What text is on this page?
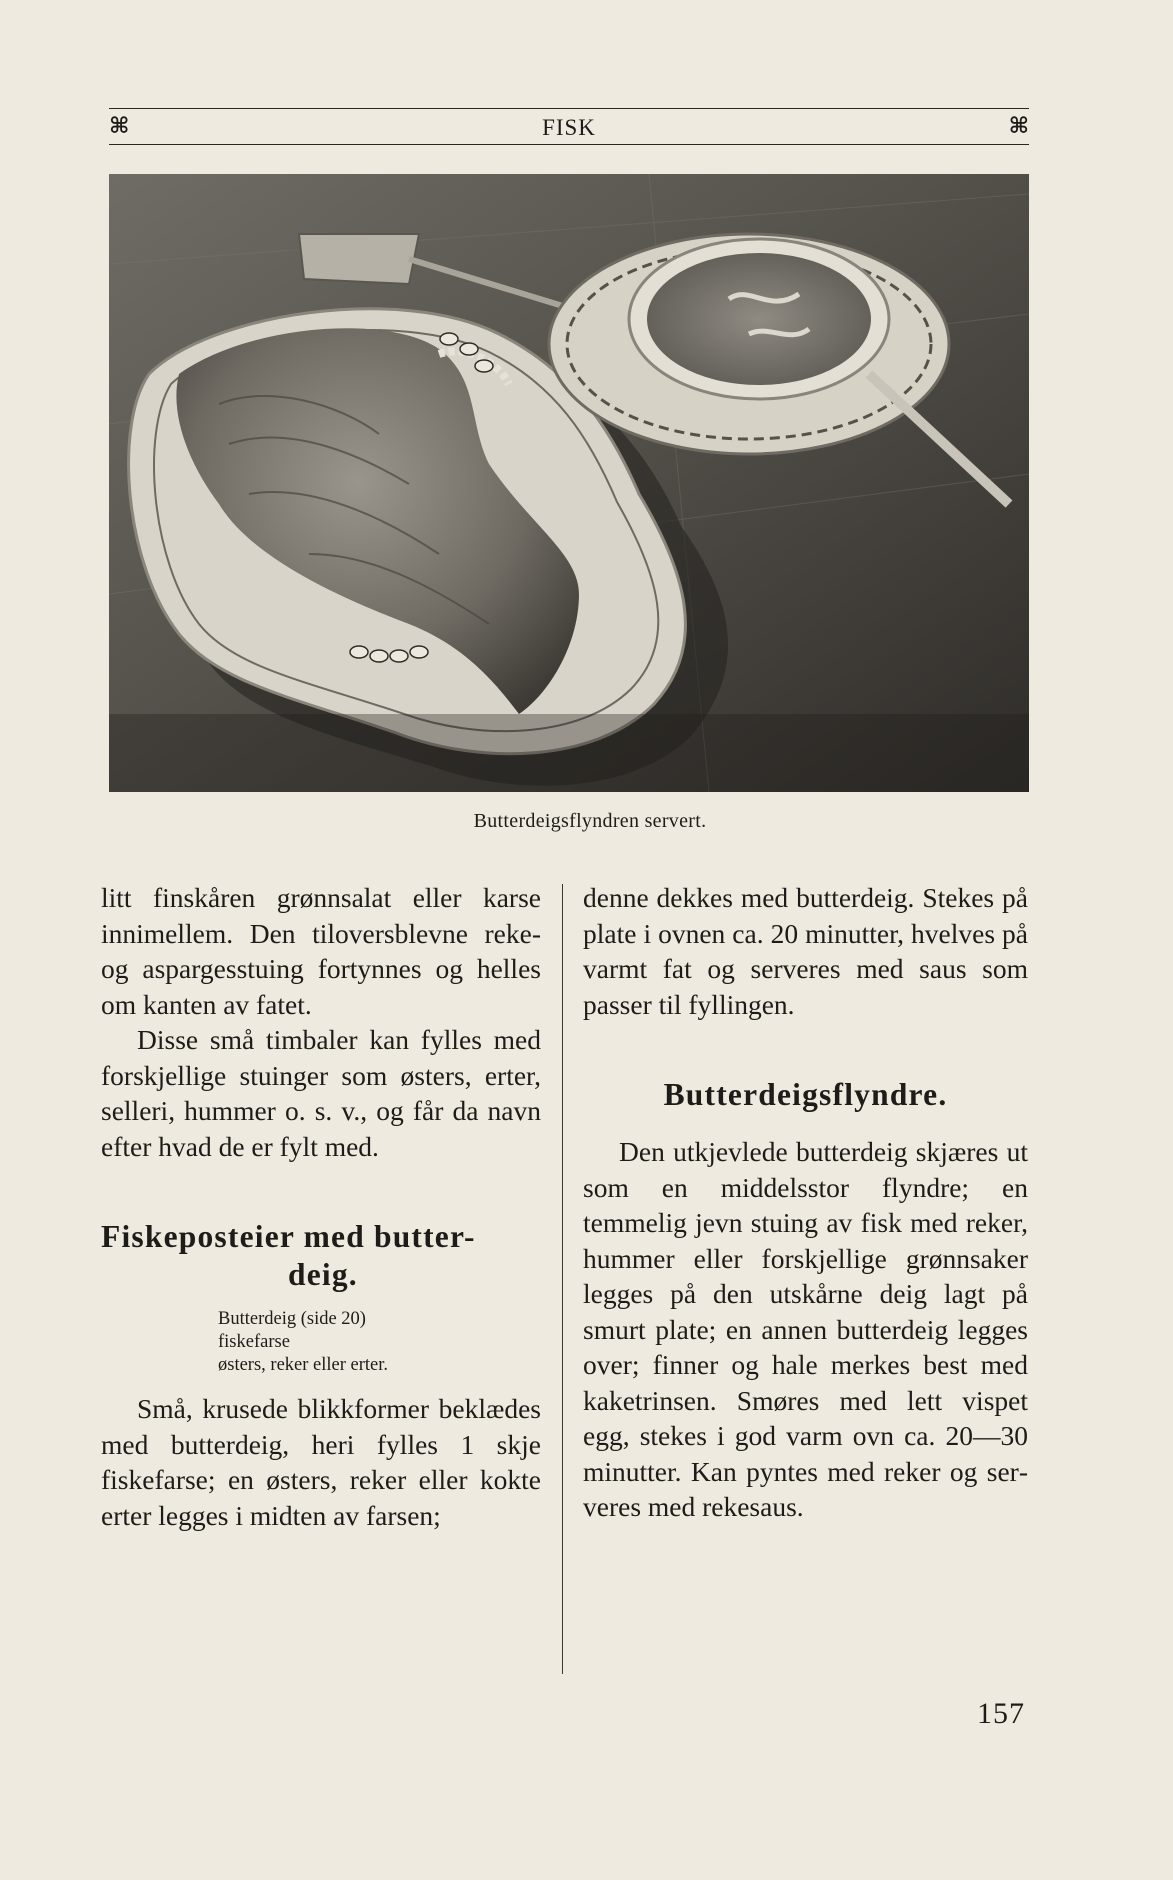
⌘	FISK	⌘
Butterdeigsflyndren servert.

litt finskåren grønnsalat eller karse innimellem. Den tiloversblevne reke- og aspargesstuing fortynnes og helles om kanten av fatet.

Disse små timbaler kan fylles med forskjellige stuinger som østers, erter, selleri, hummer o. s. v., og får da navn efter hvad de er fylt med.

Fiskeposteier med butter-
deig.
Butterdeig (side 20)
fiskefarse
østers, reker eller erter.

Små, krusede blikkformer beklædes med butterdeig, heri fylles 1 skje fiskefarse; en østers, reker eller kokte erter legges i midten av farsen;

denne dekkes med butterdeig. Stekes på plate i ovnen ca. 20 minutter, hvelves på varmt fat og serveres med saus som passer til fyllingen.

Butterdeigsflyndre.

Den utkjevlede butterdeig skjæres ut som en middelsstor flyndre; en temmelig jevn stuing av fisk med reker, hummer eller forskjellige grønnsaker legges på den utskårne deig lagt på smurt plate; en annen butterdeig legges over; finner og hale merkes best med kaketrinsen. Smøres med lett vispet egg, stekes i god varm ovn ca. 20—30 minutter. Kan pyntes med reker og serveres med rekesaus.

157
